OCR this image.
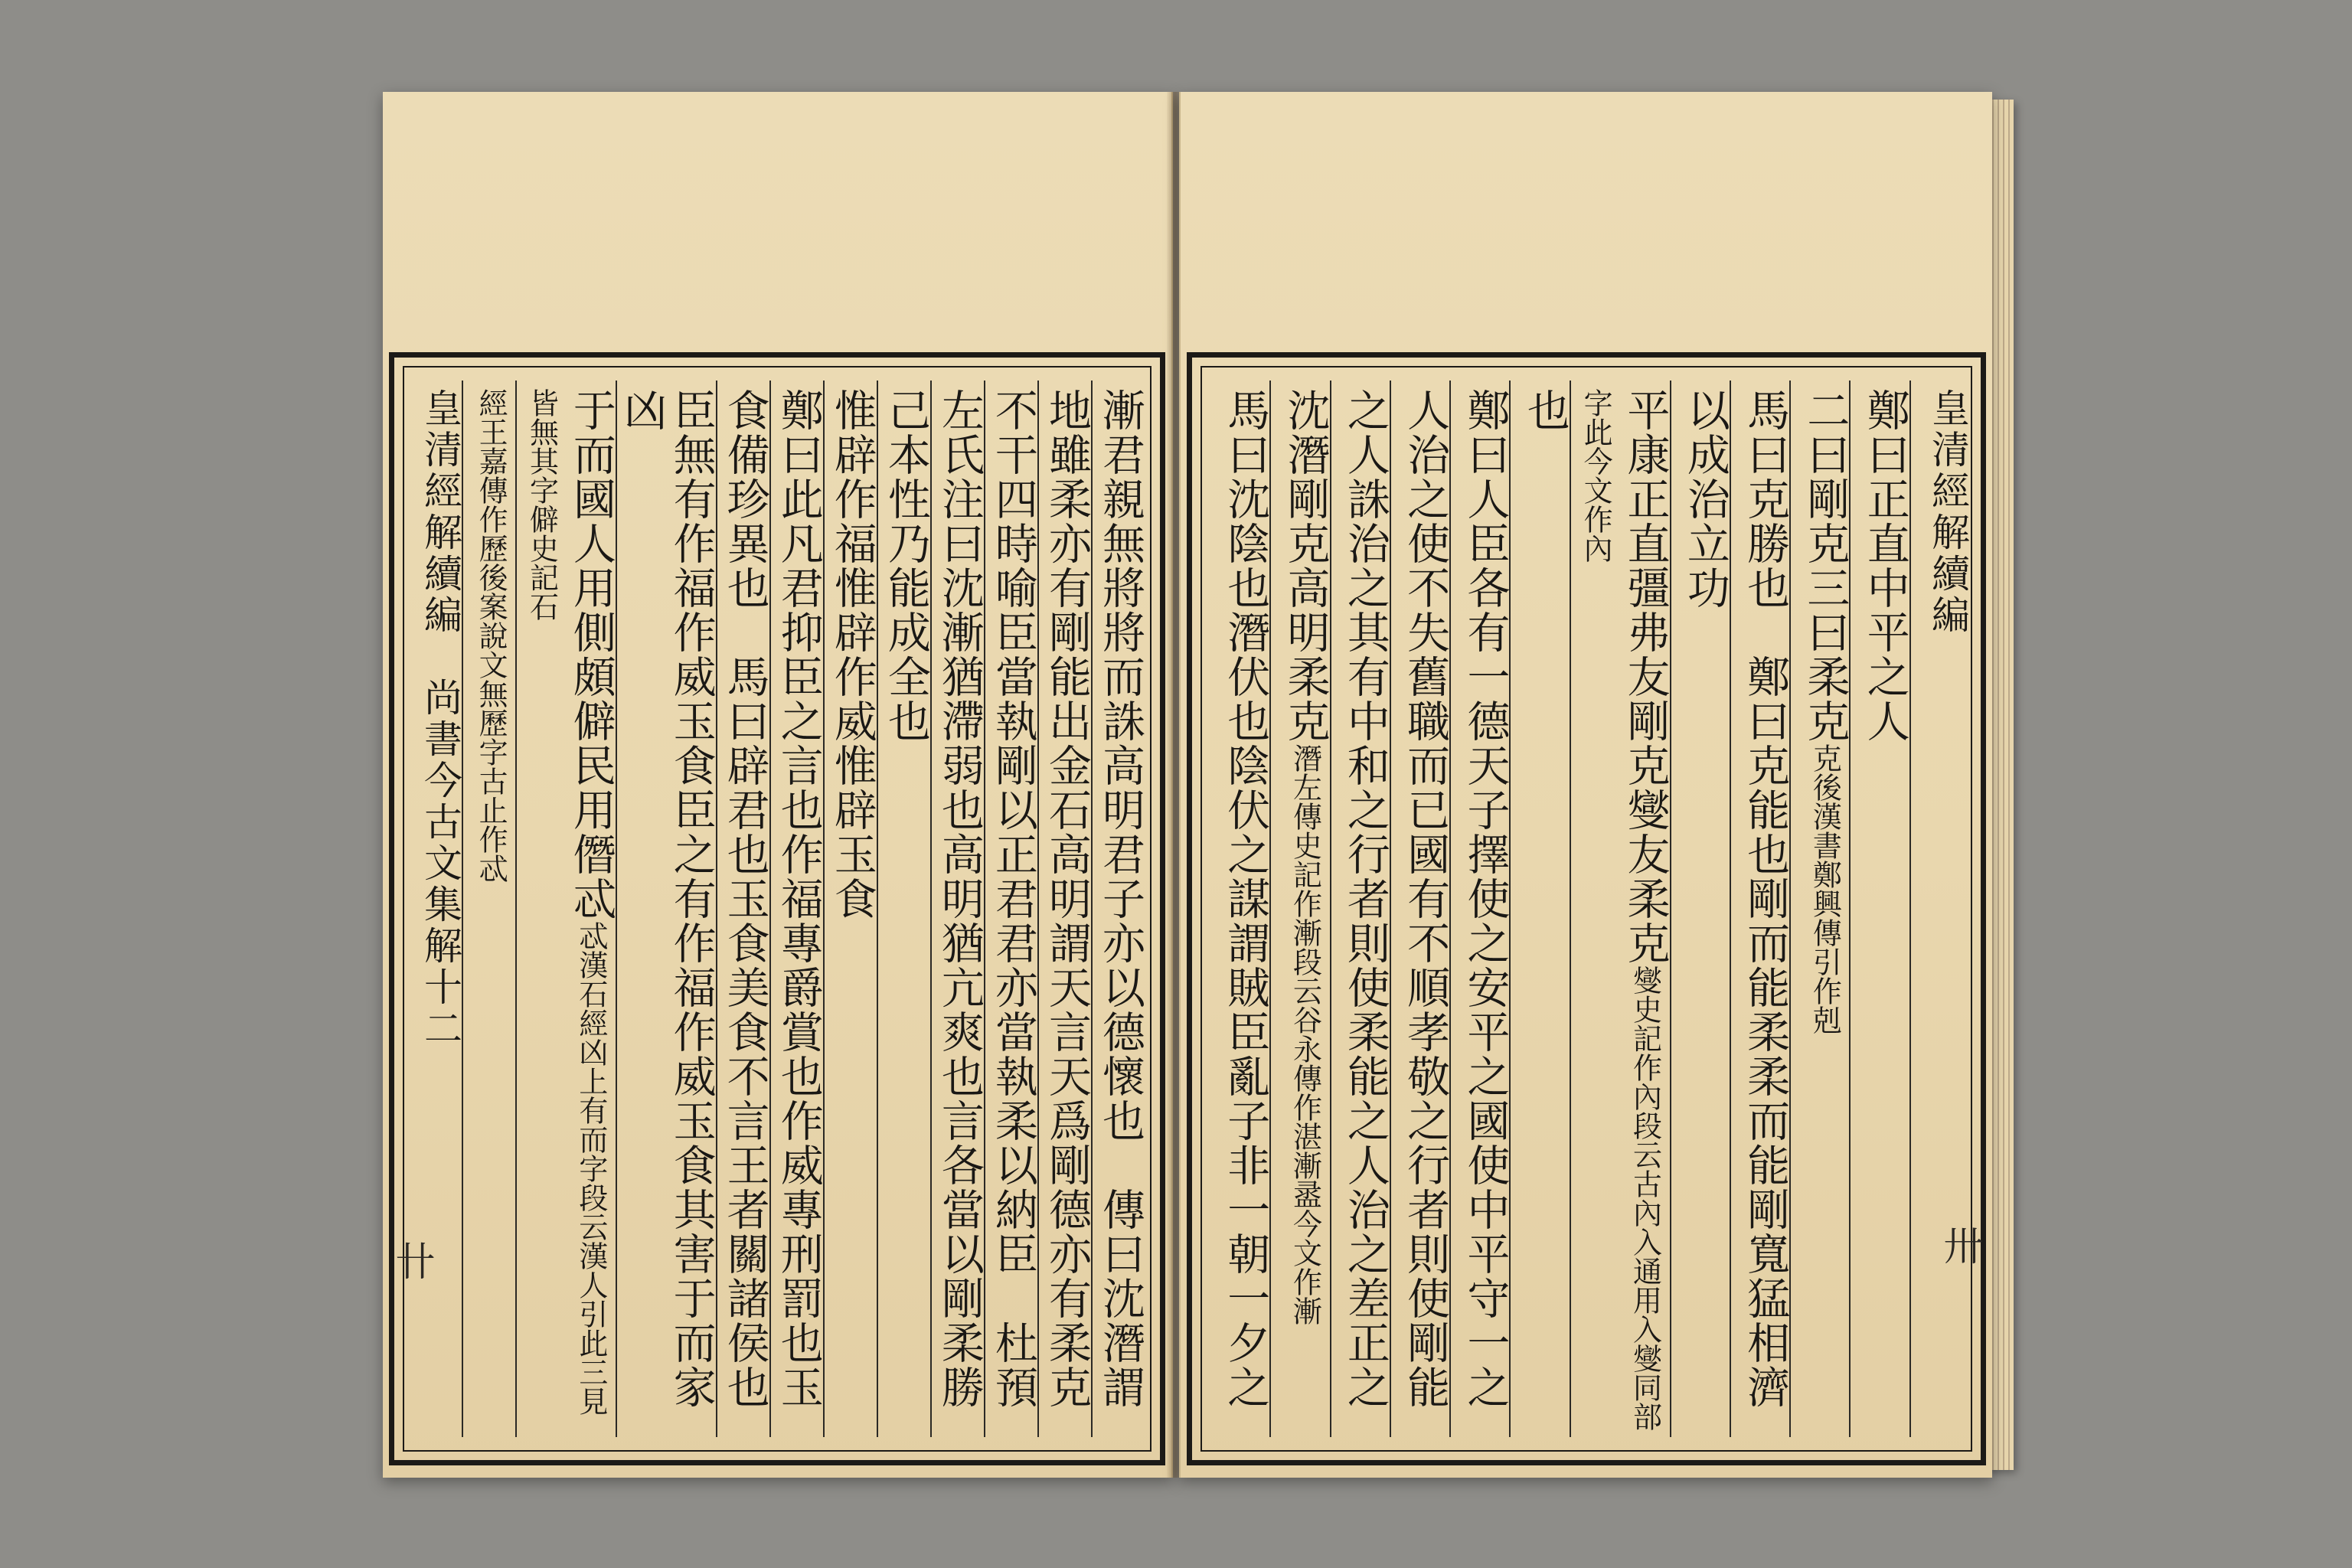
漸君親無將將而誅高明君子亦以德懷也　傳曰沈潛謂
地雖柔亦有剛能出金石高明謂天言天爲剛德亦有柔克
不干四時喻臣當執剛以正君君亦當執柔以納臣　杜預
左氏注曰沈漸猶滯弱也高明猶亢爽也言各當以剛柔勝
己本性乃能成全也
惟辟作福惟辟作威惟辟玉食
鄭曰此凡君抑臣之言也作福專爵賞也作威專刑罰也玉
食備珍異也　馬曰辟君也玉食美食不言王者關諸侯也
臣無有作福作威玉食臣之有作福作威玉食其害于而家凶
于而國人用側頗僻民用僭忒忒漢石經凶上有而字段云漢人引此三見皆無其字僻史記石
經王嘉傳作歷後案說文無歷字古止作忒
皇清經解續編　尚書今古文集解十二
卄
皇清經解續編
鄭曰正直中平之人
二曰剛克三曰柔克克後漢書鄭興傳引作剋
馬曰克勝也　鄭曰克能也剛而能柔柔而能剛寬猛相濟
以成治立功
平康正直彊弗友剛克燮友柔克燮史記作內段云古內入通用入燮同部字此今文作內
也
鄭曰人臣各有一德天子擇使之安平之國使中平守一之
人治之使不失舊職而已國有不順孝敬之行者則使剛能
之人誅治之其有中和之行者則使柔能之人治之差正之
沈潛剛克高明柔克潛左傳史記作漸段云谷永傳作湛漸盝今文作漸
馬曰沈陰也潛伏也陰伏之謀謂賊臣亂子非一朝一夕之	卅
